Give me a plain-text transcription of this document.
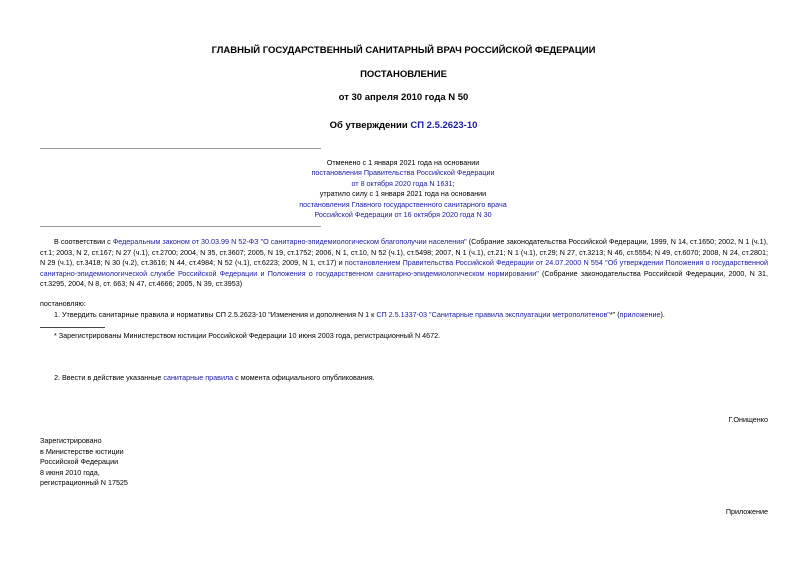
ГЛАВНЫЙ ГОСУДАРСТВЕННЫЙ САНИТАРНЫЙ ВРАЧ РОССИЙСКОЙ ФЕДЕРАЦИИ
ПОСТАНОВЛЕНИЕ
от 30 апреля 2010 года N 50
Об утверждении СП 2.5.2623-10
Отменено с 1 января 2021 года на основании
постановления Правительства Российской Федерации
от 8 октября 2020 года N 1631;
утратило силу с 1 января 2021 года на основании
постановления Главного государственного санитарного врача
Российской Федерации от 16 октября 2020 года N 30
В соответствии с Федеральным законом от 30.03.99 N 52-ФЗ "О санитарно-эпидемиологическом благополучии населения" (Собрание законодательства Российской Федерации, 1999, N 14, ст.1650; 2002, N 1 (ч.1), ст.1; 2003, N 2, ст.167; N 27 (ч.1), ст.2700; 2004, N 35, ст.3607; 2005, N 19, ст.1752; 2006, N 1, ст.10, N 52 (ч.1), ст.5498; 2007, N 1 (ч.1), ст.21; N 1 (ч.1), ст.29; N 27, ст.3213; N 46, ст.5554; N 49, ст.6070; 2008, N 24, ст.2801; N 29 (ч.1), ст.3418; N 30 (ч.2), ст.3616; N 44, ст.4984; N 52 (ч.1), ст.6223; 2009, N 1, ст.17) и постановлением Правительства Российской Федерации от 24.07.2000 N 554 "Об утверждении Положения о государственной санитарно-эпидемиологической службе Российской Федерации и Положения о государственном санитарно-эпидемиологическом нормировании" (Собрание законодательства Российской Федерации, 2000, N 31, ст.3295, 2004, N 8, ст. 663; N 47, ст.4666; 2005, N 39, ст.3953)
постановляю:
1. Утвердить санитарные правила и нормативы СП 2.5.2623-10 "Изменения и дополнения N 1 к СП 2.5.1337-03 "Санитарные правила эксплуатации метрополитенов"*" (приложение).
* Зарегистрированы Министерством юстиции Российской Федерации 10 июня 2003 года, регистрационный N 4672.
2. Ввести в действие указанные санитарные правила с момента официального опубликования.
Г.Онищенко
Зарегистрировано
в Министерстве юстиции
Российской Федерации
8 июня 2010 года,
регистрационный N 17525
Приложение
